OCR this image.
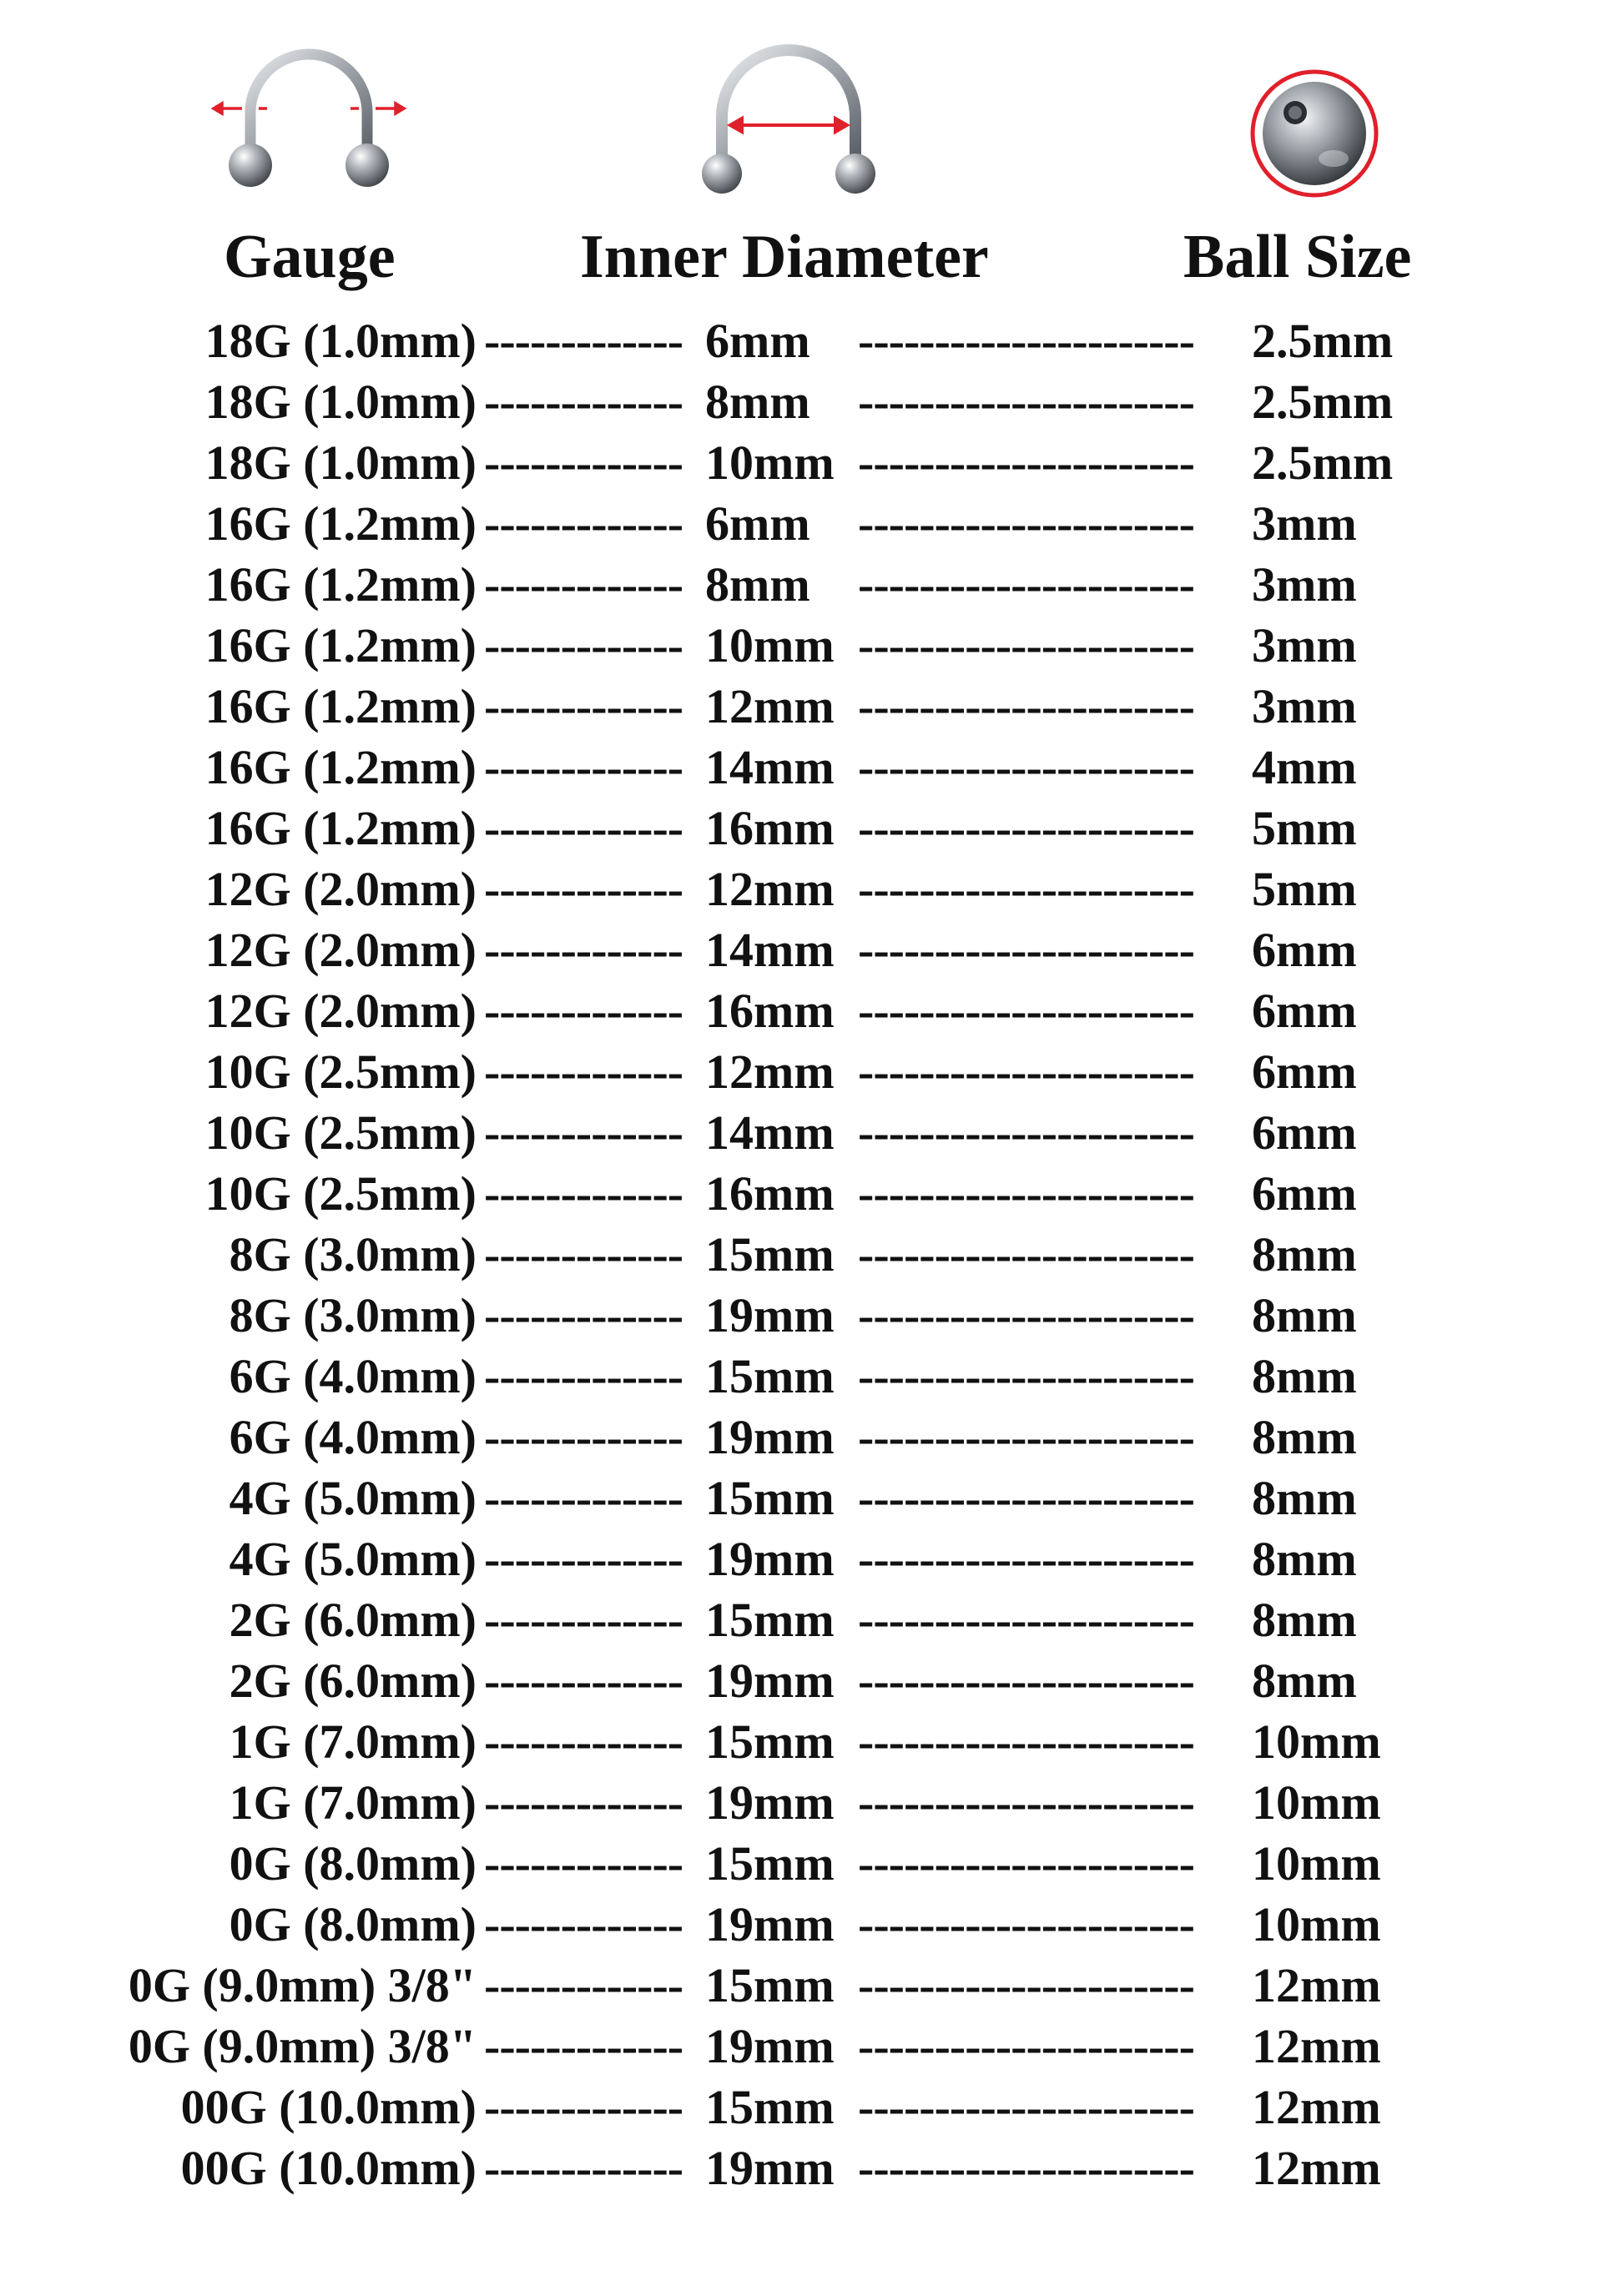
Gauge	Inner Diameter	Ball Size
18G (1.0mm) ------------- 6mm ---------------------- 2.5mm
18G (1.0mm) ------------- 8mm ---------------------- 2.5mm
18G (1.0mm) ------------- 10mm ---------------------- 2.5mm
16G (1.2mm) ------------- 6mm ---------------------- 3mm
16G (1.2mm) ------------- 8mm ---------------------- 3mm
16G (1.2mm) ------------- 10mm ---------------------- 3mm
16G (1.2mm) ------------- 12mm ---------------------- 3mm
16G (1.2mm) ------------- 14mm ---------------------- 4mm
16G (1.2mm) ------------- 16mm ---------------------- 5mm
12G (2.0mm) ------------- 12mm ---------------------- 5mm
12G (2.0mm) ------------- 14mm ---------------------- 6mm
12G (2.0mm) ------------- 16mm ---------------------- 6mm
10G (2.5mm) ------------- 12mm ---------------------- 6mm
10G (2.5mm) ------------- 14mm ---------------------- 6mm
10G (2.5mm) ------------- 16mm ---------------------- 6mm
8G (3.0mm) ------------- 15mm ---------------------- 8mm
8G (3.0mm) ------------- 19mm ---------------------- 8mm
6G (4.0mm) ------------- 15mm ---------------------- 8mm
6G (4.0mm) ------------- 19mm ---------------------- 8mm
4G (5.0mm) ------------- 15mm ---------------------- 8mm
4G (5.0mm) ------------- 19mm ---------------------- 8mm
2G (6.0mm) ------------- 15mm ---------------------- 8mm
2G (6.0mm) ------------- 19mm ---------------------- 8mm
1G (7.0mm) ------------- 15mm ---------------------- 10mm
1G (7.0mm) ------------- 19mm ---------------------- 10mm
0G (8.0mm) ------------- 15mm ---------------------- 10mm
0G (8.0mm) ------------- 19mm ---------------------- 10mm
0G (9.0mm) 3/8" ------------- 15mm ---------------------- 12mm
0G (9.0mm) 3/8" ------------- 19mm ---------------------- 12mm
00G (10.0mm) ------------- 15mm ---------------------- 12mm
00G (10.0mm) ------------- 19mm ---------------------- 12mm
